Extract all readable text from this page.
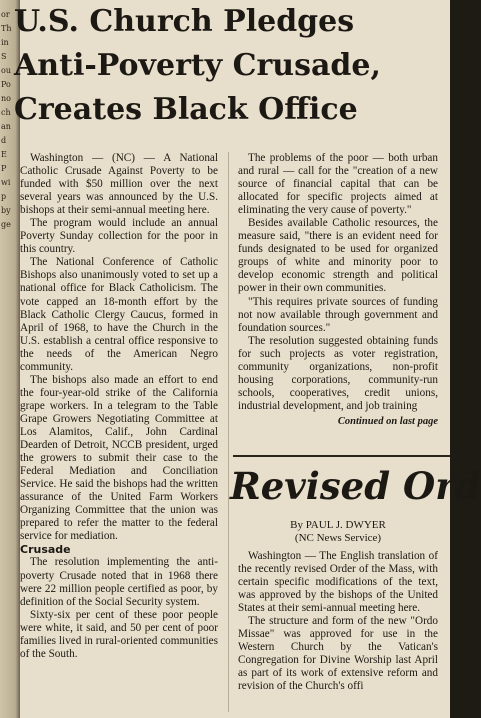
or
Th
in
S
ou
Po
no
ch
an
d
E
P
wi
p
by
ge
U.S. Church Pledges
Anti-Poverty Crusade,
Creates Black Office

Washington — (NC) — A National Catholic Crusade Against Poverty to be funded with $50 million over the next several years was announced by the U.S. bishops at their semi-annual meeting here.

The program would include an annual Poverty Sunday collection for the poor in this country.

The National Conference of Catholic Bishops also unanimously voted to set up a national office for Black Catholicism. The vote capped an 18-month effort by the Black Catholic Clergy Caucus, formed in April of 1968, to have the Church in the U.S. establish a central office responsive to the needs of the American Negro community.

The bishops also made an effort to end the four-year-old strike of the California grape workers. In a telegram to the Table Grape Growers Negotiating Committee at Los Alamitos, Calif., John Cardinal Dearden of Detroit, NCCB president, urged the growers to submit their case to the Federal Mediation and Conciliation Service. He said the bishops had the written assurance of the United Farm Workers Organizing Committee that the union was prepared to refer the matter to the federal service for mediation.

Crusade

The resolution implementing the anti-poverty Crusade noted that in 1968 there were 22 million people certified as poor, by definition of the Social Security system.

Sixty-six per cent of these poor people were white, it said, and 50 per cent of poor families lived in rural-oriented communities of the South.

The problems of the poor — both urban and rural — call for the "creation of a new source of financial capital that can be allocated for specific projects aimed at eliminating the very cause of poverty."

Besides available Catholic resources, the measure said, "there is an evident need for funds designated to be used for organized groups of white and minority poor to develop economic strength and political power in their own communities.

"This requires private sources of funding not now available through government and foundation sources."

The resolution suggested obtaining funds for such projects as voter registration, community organizations, non-profit housing corporations, community-run schools, cooperatives, credit unions, industrial development, and job training

Continued on last page
Revised Ord
By PAUL J. DWYER
(NC News Service)

Washington — The English translation of the recently revised Order of the Mass, with certain specific modifications of the text, was approved by the bishops of the United States at their semi-annual meeting here.

The structure and form of the new "Ordo Missae" was approved for use in the Western Church by the Vatican's Congregation for Divine Worship last April as part of its work of extensive reform and revision of the Church's offi
